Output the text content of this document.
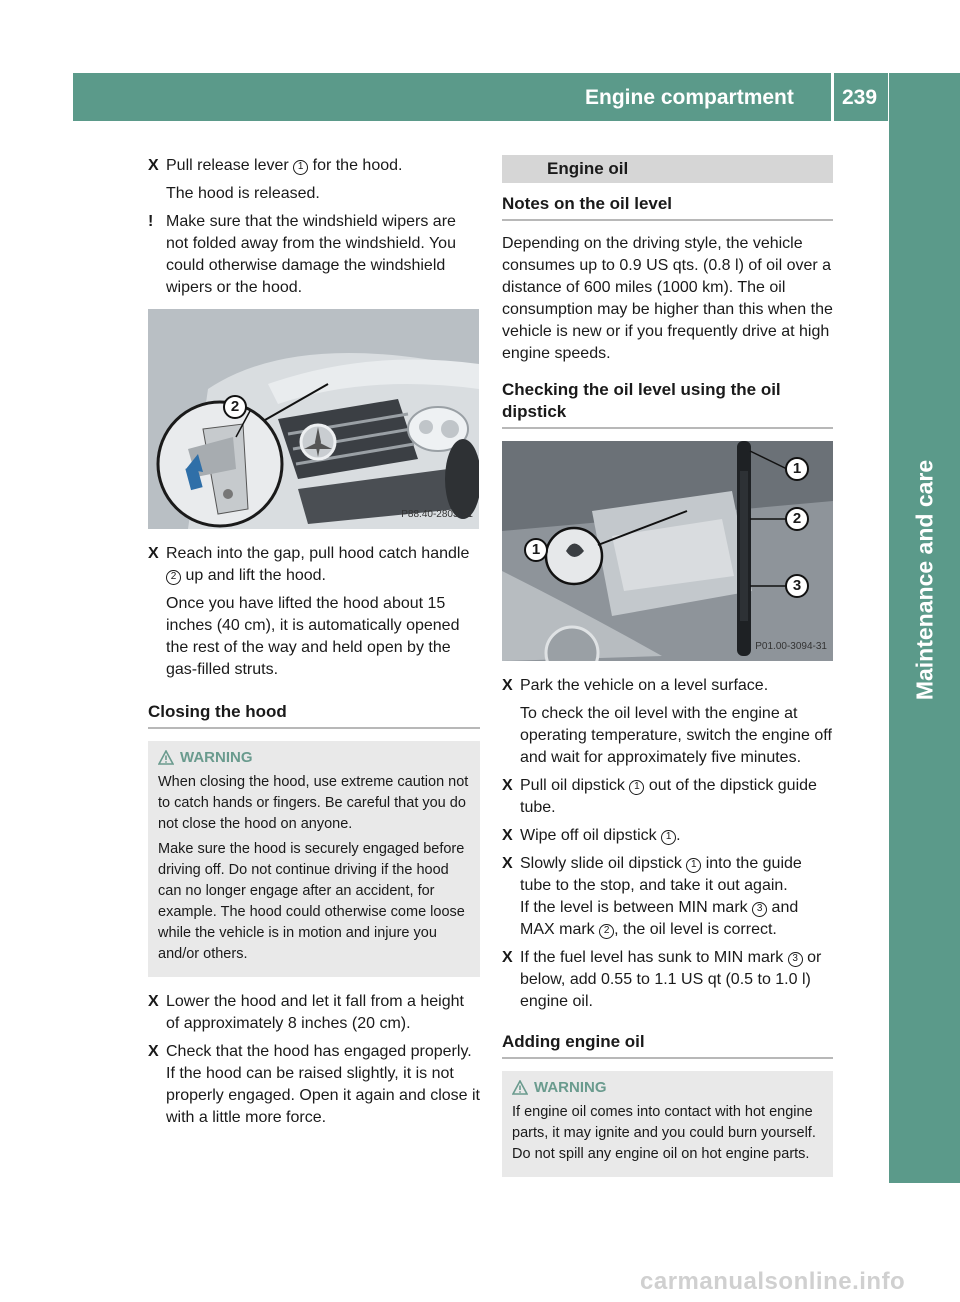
Engine compartment 239
Maintenance and care
X Pull release lever 1 for the hood.
The hood is released.
! Make sure that the windshield wipers are not folded away from the windshield. You could otherwise damage the windshield wipers or the hood.
2
P88.40-2803-31
X Reach into the gap, pull hood catch handle 2 up and lift the hood.
Once you have lifted the hood about 15 inches (40 cm), it is automatically opened the rest of the way and held open by the gas-filled struts.
Closing the hood
WARNING

When closing the hood, use extreme caution not to catch hands or fingers. Be careful that you do not close the hood on anyone.

Make sure the hood is securely engaged before driving off. Do not continue driving if the hood can no longer engage after an accident, for example. The hood could otherwise come loose while the vehicle is in motion and injure you and/or others.

X Lower the hood and let it fall from a height of approximately 8 inches (20 cm).
X Check that the hood has engaged properly. If the hood can be raised slightly, it is not properly engaged. Open it again and close it with a little more force.
Engine oil
Notes on the oil level
Depending on the driving style, the vehicle consumes up to 0.9 US qts. (0.8 l) of oil over a distance of 600 miles (1000 km). The oil consumption may be higher than this when the vehicle is new or if you frequently drive at high engine speeds.
Checking the oil level using the oil dipstick
1
2
3
1
P01.00-3094-31
X Park the vehicle on a level surface.
To check the oil level with the engine at operating temperature, switch the engine off and wait for approximately five minutes.
X Pull oil dipstick 1 out of the dipstick guide tube.
X Wipe off oil dipstick 1 .
X Slowly slide oil dipstick 1 into the guide tube to the stop, and take it out again.
If the level is between MIN mark 3 and MAX mark 2 , the oil level is correct.
X If the fuel level has sunk to MIN mark 3 or below, add 0.55 to 1.1 US qt (0.5 to 1.0 l) engine oil.
Adding engine oil
WARNING

If engine oil comes into contact with hot engine parts, it may ignite and you could burn yourself. Do not spill any engine oil on hot engine parts.

carmanualsonline.info
